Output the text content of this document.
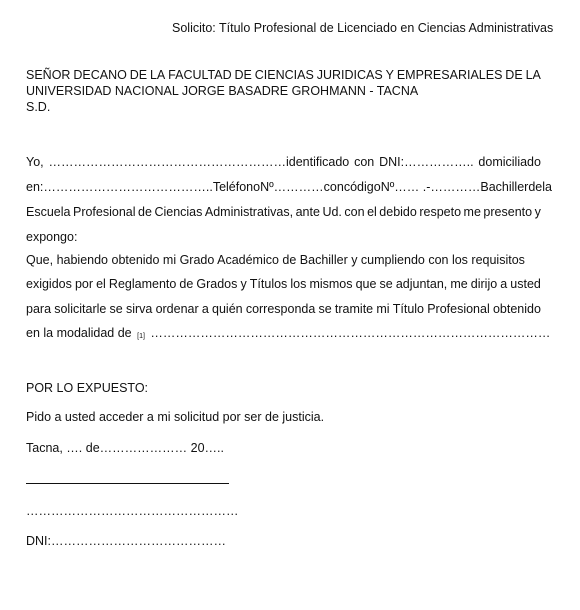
Solicito: Título Profesional de Licenciado en Ciencias Administrativas
SEÑOR DECANO DE LA FACULTAD DE CIENCIAS JURIDICAS Y EMPRESARIALES DE LA
UNIVERSIDAD NACIONAL JORGE BASADRE GROHMANN - TACNA
S.D.
Yo, …………………………………………………identificado con DNI:…………….. domiciliado
en:………………………………….. Teléfono Nº…………con código Nº …… .-………… Bachiller de la
Escuela Profesional de Ciencias Administrativas, ante Ud. con el debido respeto me presento y
expongo:
Que, habiendo obtenido mi Grado Académico de Bachiller y cumpliendo con los requisitos
exigidos por el Reglamento de Grados y Títulos los mismos que se adjuntan, me dirijo a usted
para solicitarle se sirva ordenar a quién corresponda se tramite mi Título Profesional obtenido
en la modalidad de [1] ……………………………………………………………………………………
POR LO EXPUESTO:
Pido a usted acceder a mi solicitud por ser de justicia.
Tacna, …. de………………… 20…..
……………………………………………
DNI:……………………………………
